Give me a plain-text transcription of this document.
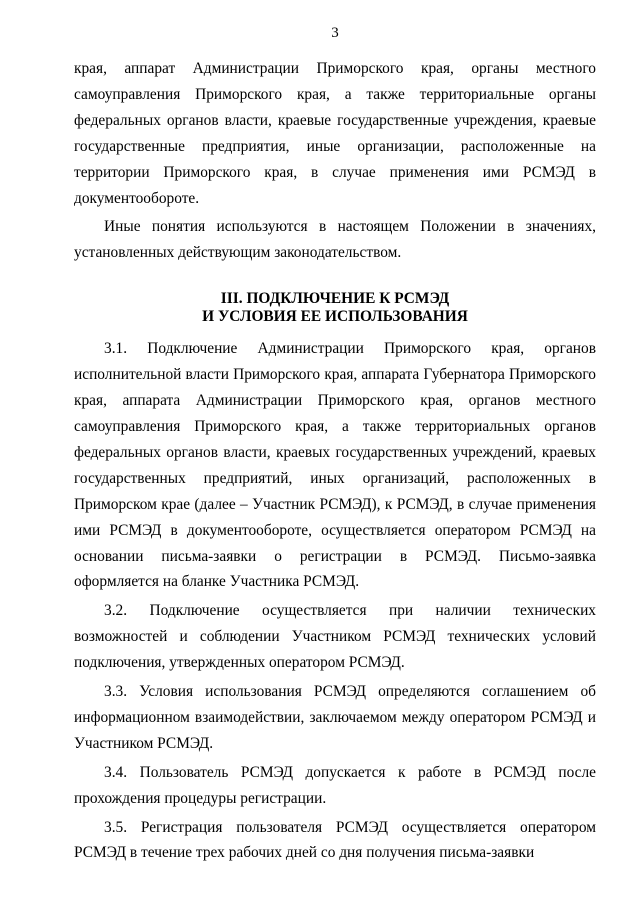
3

края, аппарат Администрации Приморского края, органы местного самоуправления Приморского края, а также территориальные органы федеральных органов власти, краевые государственные учреждения, краевые государственные предприятия, иные организации, расположенные на территории Приморского края, в случае применения ими РСМЭД в документообороте.

Иные понятия используются в настоящем Положении в значениях, установленных действующим законодательством.

III. ПОДКЛЮЧЕНИЕ К РСМЭД
И УСЛОВИЯ ЕЕ ИСПОЛЬЗОВАНИЯ

3.1. Подключение Администрации Приморского края, органов исполнительной власти Приморского края, аппарата Губернатора Приморского края, аппарата Администрации Приморского края, органов местного самоуправления Приморского края, а также территориальных органов федеральных органов власти, краевых государственных учреждений, краевых государственных предприятий, иных организаций, расположенных в Приморском крае (далее – Участник РСМЭД), к РСМЭД, в случае применения ими РСМЭД в документообороте, осуществляется оператором РСМЭД на основании письма-заявки о регистрации в РСМЭД. Письмо-заявка оформляется на бланке Участника РСМЭД.

3.2. Подключение осуществляется при наличии технических возможностей и соблюдении Участником РСМЭД технических условий подключения, утвержденных оператором РСМЭД.

3.3. Условия использования РСМЭД определяются соглашением об информационном взаимодействии, заключаемом между оператором РСМЭД и Участником РСМЭД.

3.4. Пользователь РСМЭД допускается к работе в РСМЭД после прохождения процедуры регистрации.

3.5. Регистрация пользователя РСМЭД осуществляется оператором РСМЭД в течение трех рабочих дней со дня получения письма-заявки
